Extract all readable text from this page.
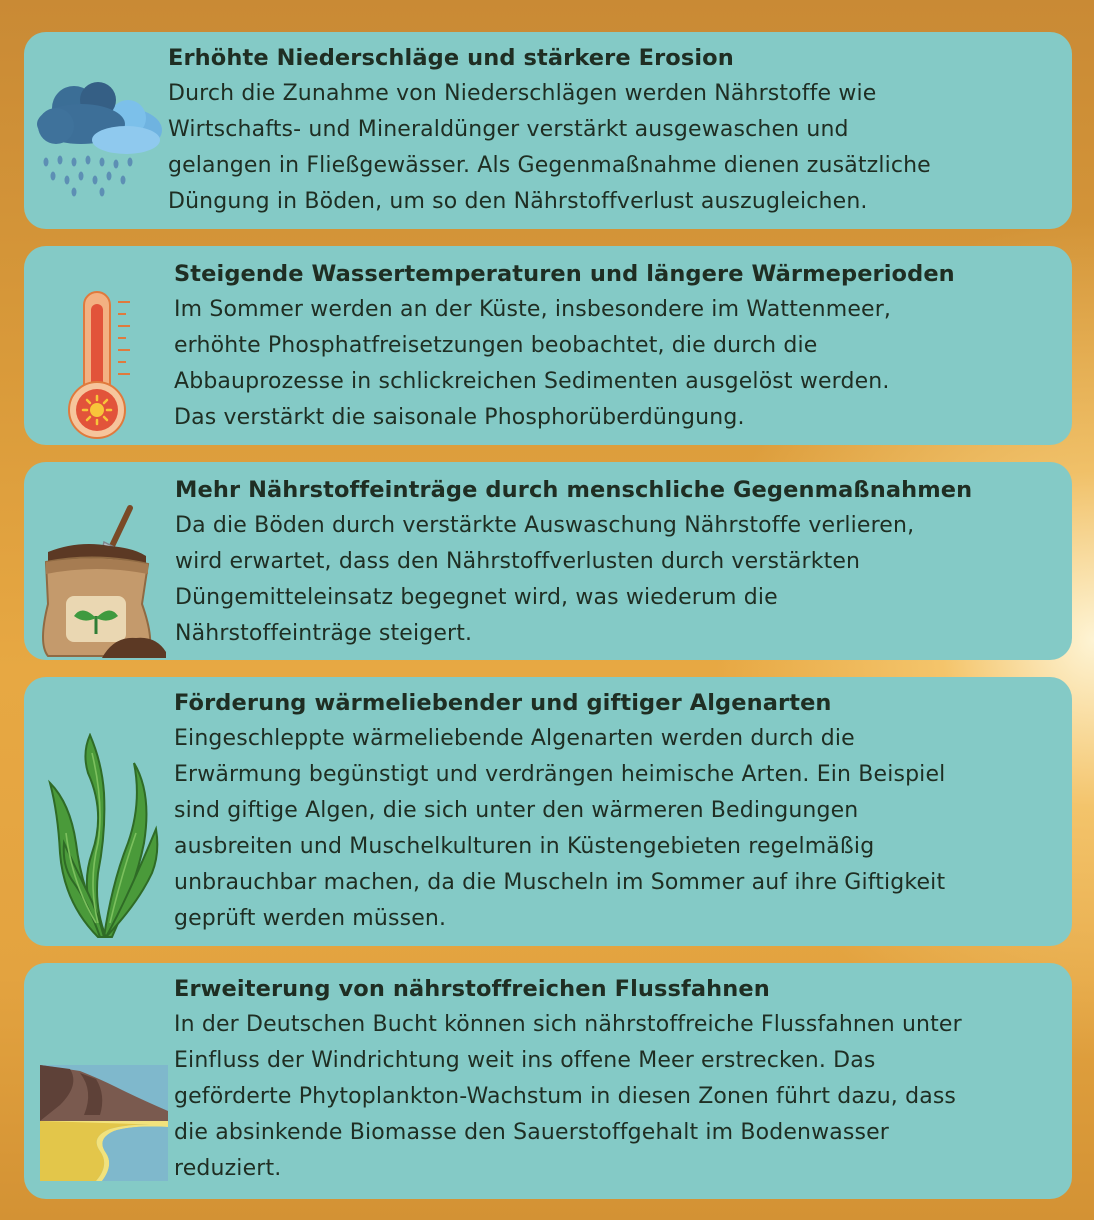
Erhöhte Niederschläge und stärkere Erosion

Durch die Zunahme von Niederschlägen werden Nährstoffe wie

Wirtschafts- und Mineraldünger verstärkt ausgewaschen und

gelangen in Fließgewässer. Als Gegenmaßnahme dienen zusätzliche

Düngung in Böden, um so den Nährstoffverlust auszugleichen.

Steigende Wassertemperaturen und längere Wärmeperioden

Im Sommer werden an der Küste, insbesondere im Wattenmeer,

erhöhte Phosphatfreisetzungen beobachtet, die durch die

Abbauprozesse in schlickreichen Sedimenten ausgelöst werden.

Das verstärkt die saisonale Phosphorüberdüngung.

Mehr Nährstoffeinträge durch menschliche Gegenmaßnahmen

Da die Böden durch verstärkte Auswaschung Nährstoffe verlieren,

wird erwartet, dass den Nährstoffverlusten durch verstärkten

Düngemitteleinsatz begegnet wird, was wiederum die

Nährstoffeinträge steigert.

Förderung wärmeliebender und giftiger Algenarten

Eingeschleppte wärmeliebende Algenarten werden durch die

Erwärmung begünstigt und verdrängen heimische Arten. Ein Beispiel

sind giftige Algen, die sich unter den wärmeren Bedingungen

ausbreiten und Muschelkulturen in Küstengebieten regelmäßig

unbrauchbar machen, da die Muscheln im Sommer auf ihre Giftigkeit

geprüft werden müssen.

Erweiterung von nährstoffreichen Flussfahnen

In der Deutschen Bucht können sich nährstoffreiche Flussfahnen unter

Einfluss der Windrichtung weit ins offene Meer erstrecken. Das

geförderte Phytoplankton-Wachstum in diesen Zonen führt dazu, dass

die absinkende Biomasse den Sauerstoffgehalt im Bodenwasser

reduziert.
